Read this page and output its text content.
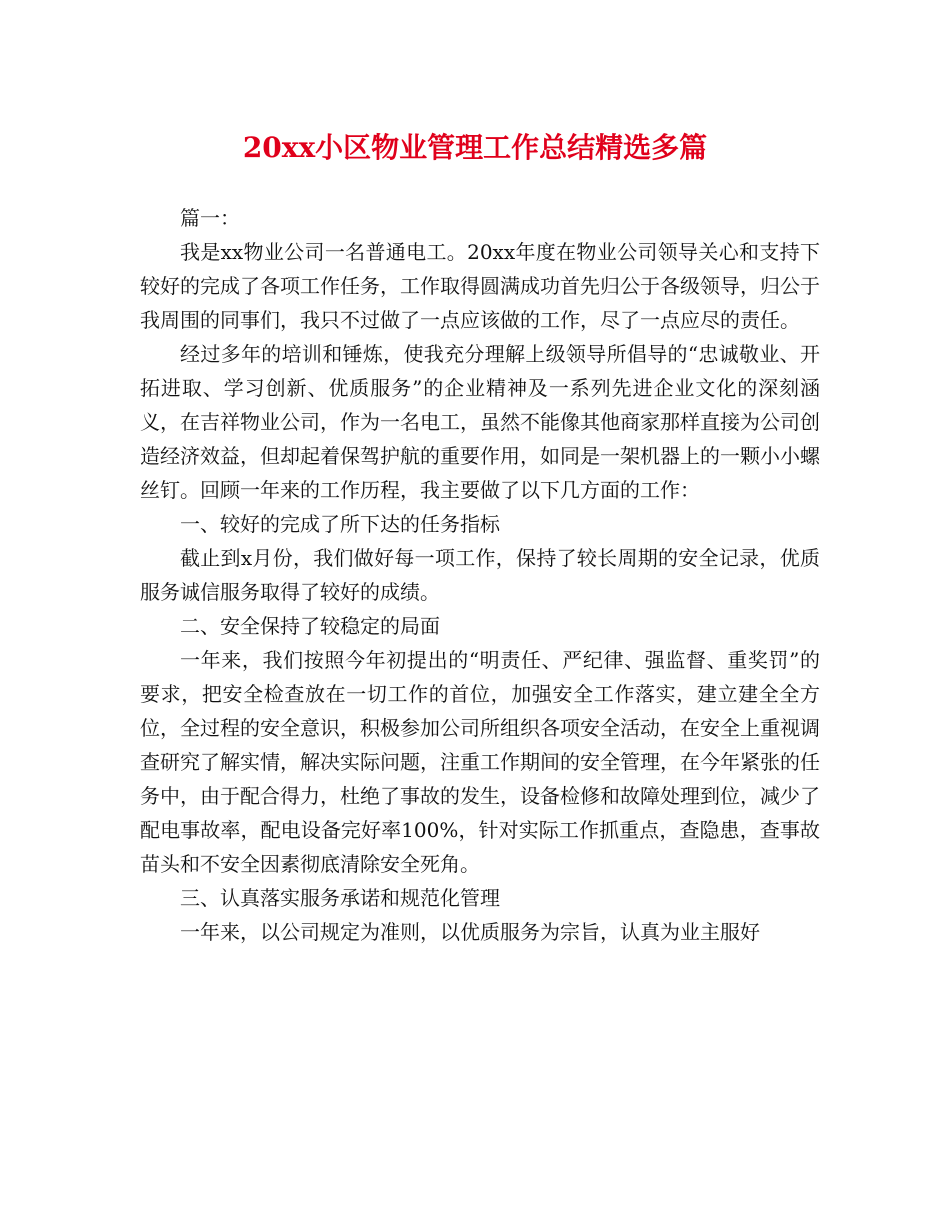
20xx小区物业管理工作总结精选多篇

篇一：

我是xx物业公司一名普通电工。20xx年度在物业公司领导关心和支持下较好的完成了各项工作任务，工作取得圆满成功首先归公于各级领导，归公于我周围的同事们，我只不过做了一点应该做的工作，尽了一点应尽的责任。

经过多年的培训和锤炼，使我充分理解上级领导所倡导的“忠诚敬业、开拓进取、学习创新、优质服务”的企业精神及一系列先进企业文化的深刻涵义，在吉祥物业公司，作为一名电工，虽然不能像其他商家那样直接为公司创造经济效益，但却起着保驾护航的重要作用，如同是一架机器上的一颗小小螺丝钉。回顾一年来的工作历程，我主要做了以下几方面的工作：

一、较好的完成了所下达的任务指标

截止到x月份，我们做好每一项工作，保持了较长周期的安全记录，优质服务诚信服务取得了较好的成绩。

二、安全保持了较稳定的局面

一年来，我们按照今年初提出的“明责任、严纪律、强监督、重奖罚”的要求，把安全检查放在一切工作的首位，加强安全工作落实，建立建全全方位，全过程的安全意识，积极参加公司所组织各项安全活动，在安全上重视调查研究了解实情，解决实际问题，注重工作期间的安全管理，在今年紧张的任务中，由于配合得力，杜绝了事故的发生，设备检修和故障处理到位，减少了配电事故率，配电设备完好率100%，针对实际工作抓重点，查隐患，查事故苗头和不安全因素彻底清除安全死角。

三、认真落实服务承诺和规范化管理

一年来，以公司规定为准则，以优质服务为宗旨，认真为业主服好
